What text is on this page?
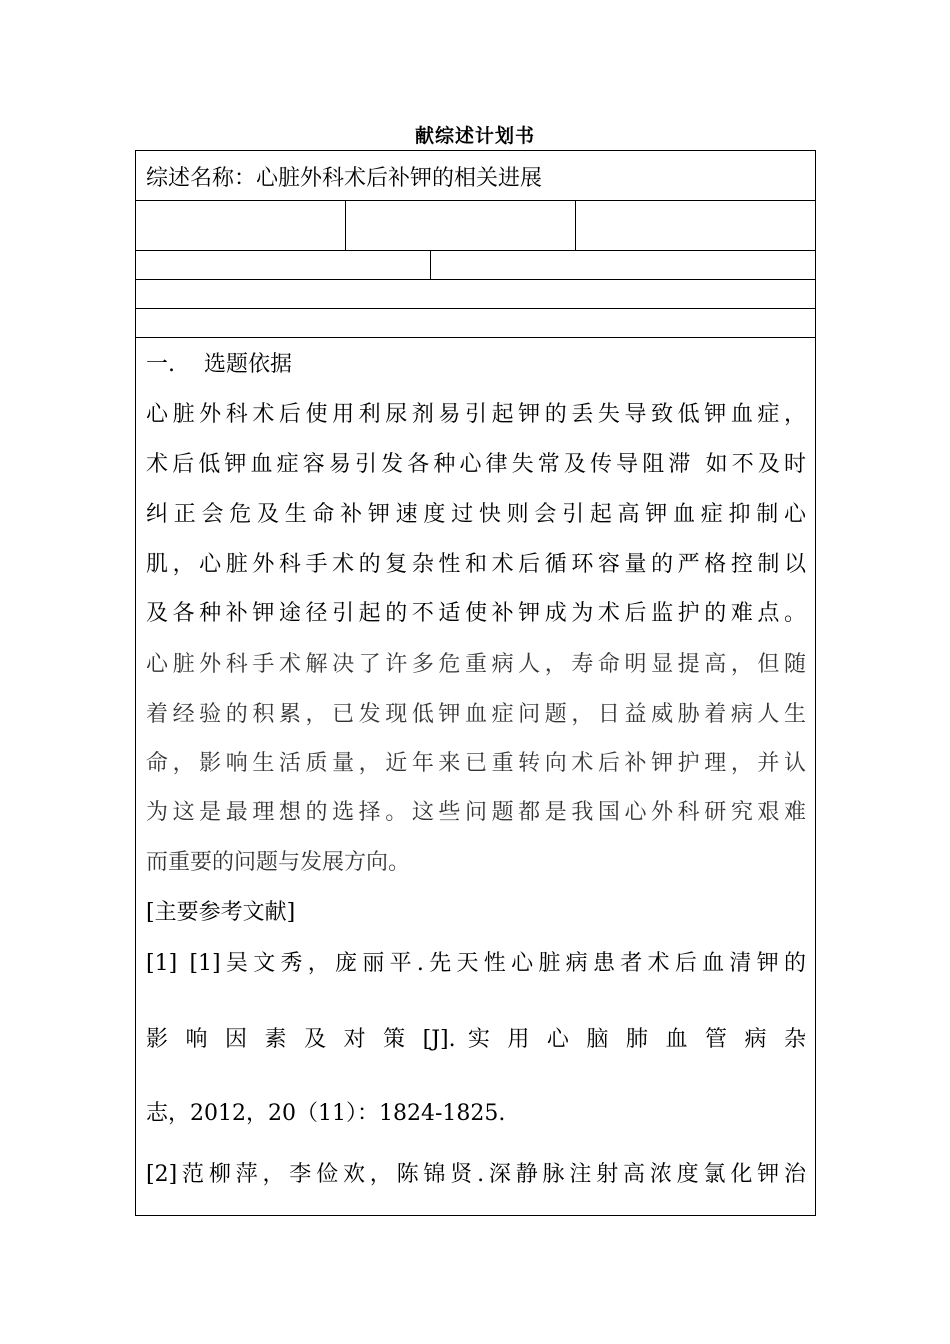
献综述计划书
综述名称：心脏外科术后补钾的相关进展
一.　 选题依据
心脏外科术后使用利尿剂易引起钾的丢失导致低钾血症，
术后低钾血症容易引发各种心律失常及传导阻滞 如不及时
纠正会危及生命补钾速度过快则会引起高钾血症抑制心
肌，心脏外科手术的复杂性和术后循环容量的严格控制以
及各种补钾途径引起的不适使补钾成为术后监护的难点。
心脏外科手术解决了许多危重病人，寿命明显提高，但随
着经验的积累，已发现低钾血症问题，日益威胁着病人生
命，影响生活质量，近年来已重转向术后补钾护理，并认
为这是最理想的选择。这些问题都是我国心外科研究艰难
而重要的问题与发展方向。
[主要参考文献]
[1] [1]吴文秀，庞丽平.先天性心脏病患者术后血清钾的
影 响 因 素 及 对 策 [J]. 实 用 心 脑 肺 血 管 病 杂
志，2012，20（11）：1824-1825.
[2]范柳萍，李俭欢，陈锦贤.深静脉注射高浓度氯化钾治
